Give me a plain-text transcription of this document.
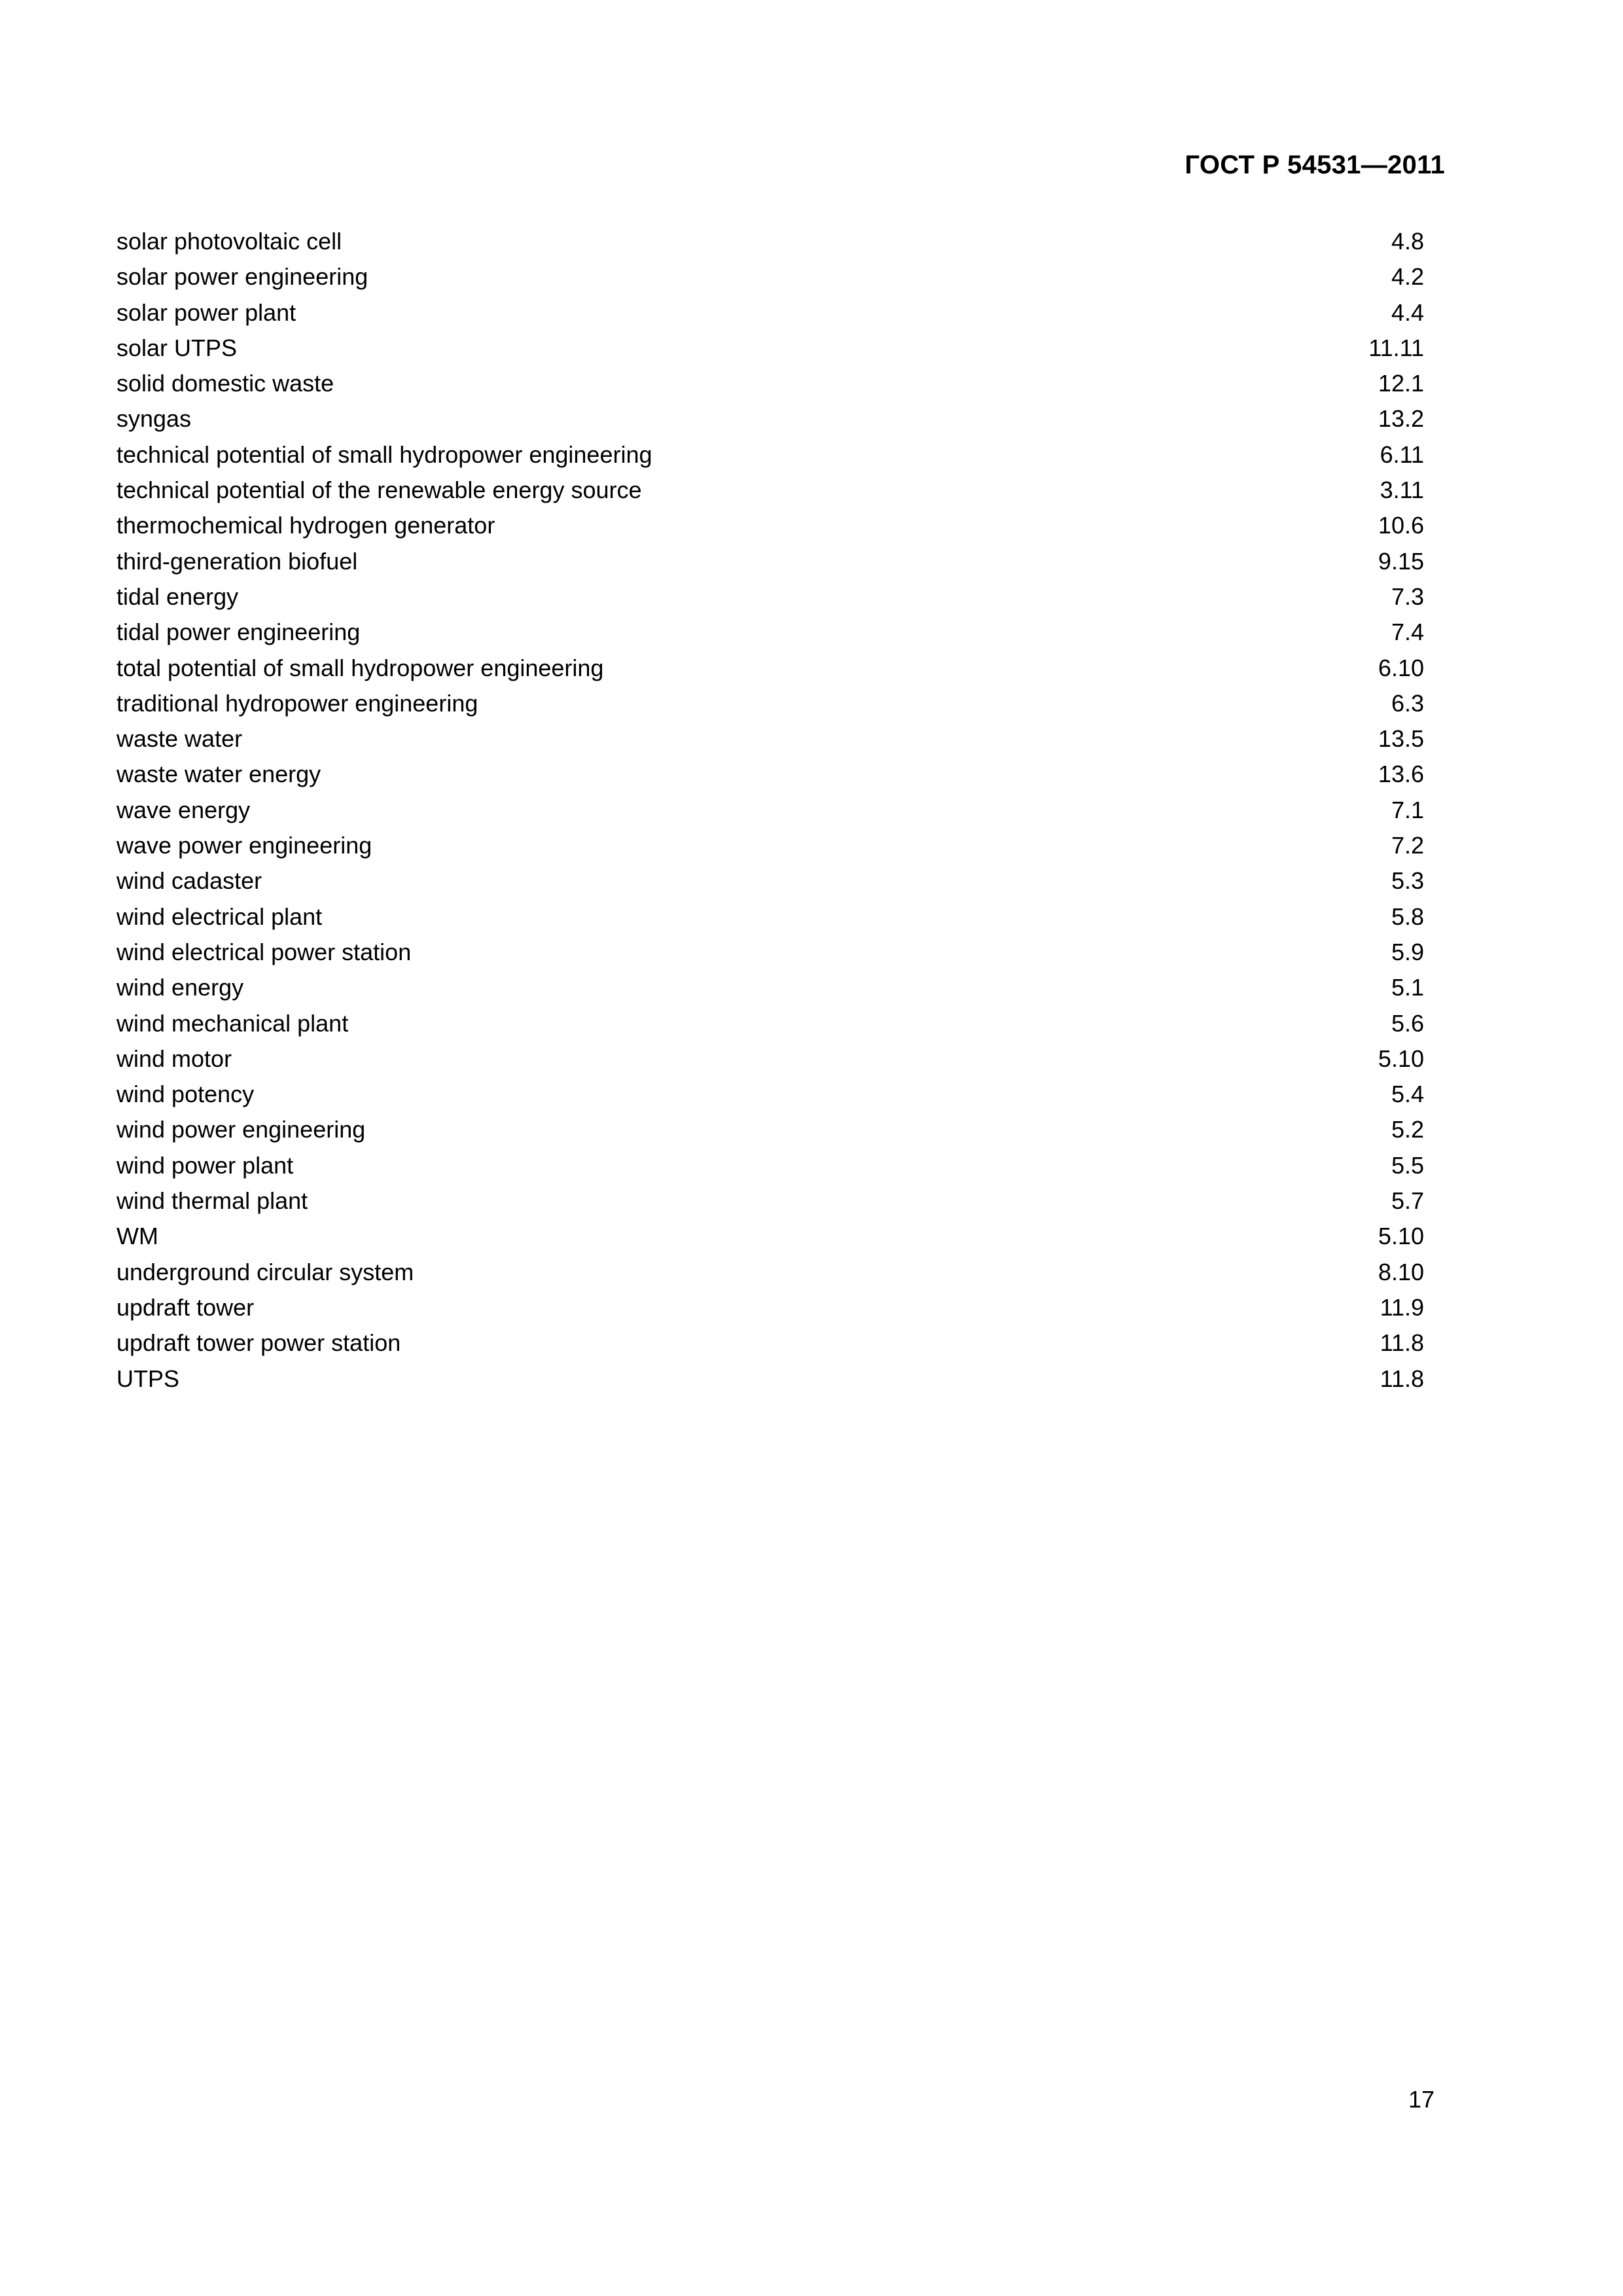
ГОСТ Р 54531—2011
solar photovoltaic cell	4.8
solar power engineering	4.2
solar power plant	4.4
solar UTPS	11.11
solid domestic waste	12.1
syngas	13.2
technical potential of small hydropower engineering	6.11
technical potential of the renewable energy source	3.11
thermochemical hydrogen generator	10.6
third-generation biofuel	9.15
tidal energy	7.3
tidal power engineering	7.4
total potential of small hydropower engineering	6.10
traditional hydropower engineering	6.3
waste water	13.5
waste water energy	13.6
wave energy	7.1
wave power engineering	7.2
wind cadaster	5.3
wind electrical plant	5.8
wind electrical power station	5.9
wind energy	5.1
wind mechanical plant	5.6
wind motor	5.10
wind potency	5.4
wind power engineering	5.2
wind power plant	5.5
wind thermal plant	5.7
WM	5.10
underground circular system	8.10
updraft tower	11.9
updraft tower power station	11.8
UTPS	11.8
17
